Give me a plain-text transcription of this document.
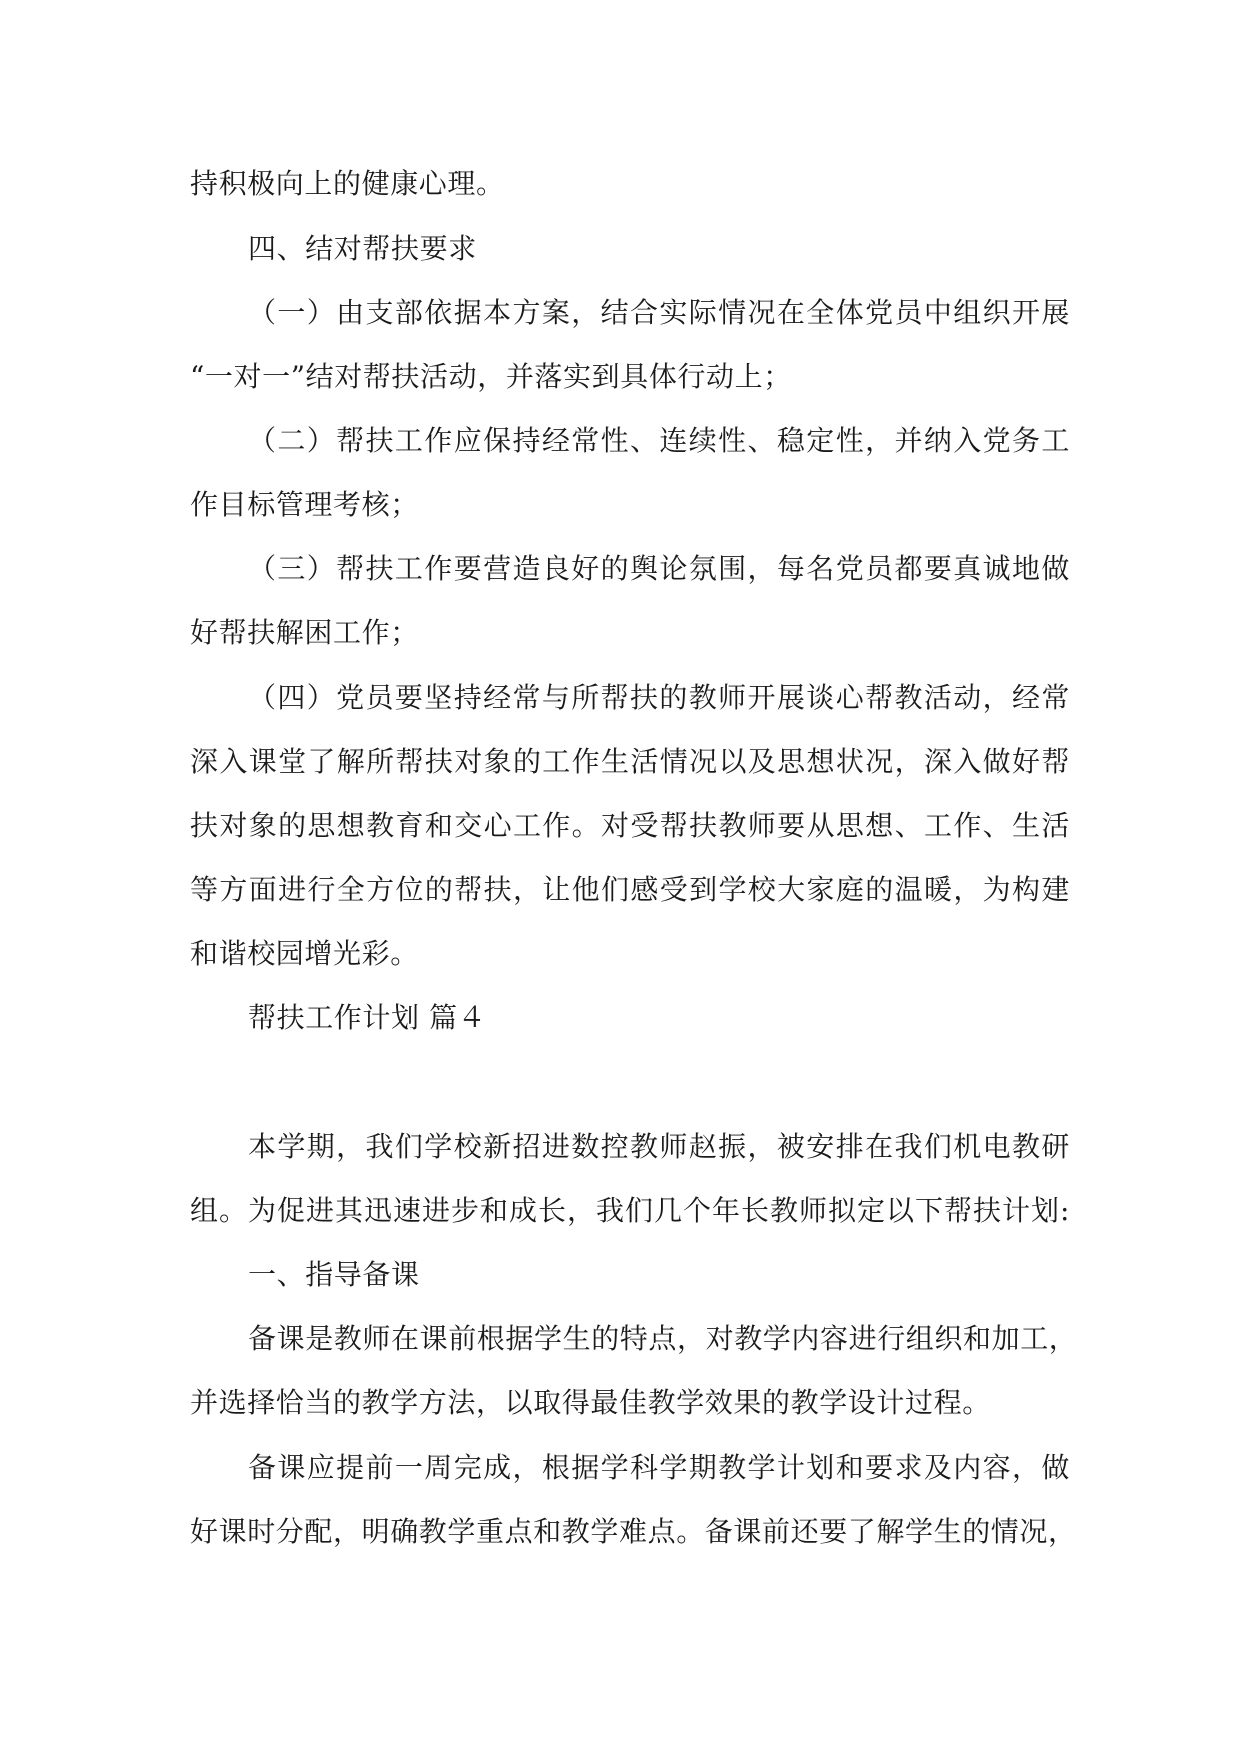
持积极向上的健康心理。
四、结对帮扶要求
（一）由支部依据本方案，结合实际情况在全体党员中组织开展
“一对一”结对帮扶活动，并落实到具体行动上；
（二）帮扶工作应保持经常性、连续性、稳定性，并纳入党务工
作目标管理考核；
（三）帮扶工作要营造良好的舆论氛围，每名党员都要真诚地做
好帮扶解困工作；
（四）党员要坚持经常与所帮扶的教师开展谈心帮教活动，经常
深入课堂了解所帮扶对象的工作生活情况以及思想状况，深入做好帮
扶对象的思想教育和交心工作。对受帮扶教师要从思想、工作、生活
等方面进行全方位的帮扶，让他们感受到学校大家庭的温暖，为构建
和谐校园增光彩。
帮扶工作计划 篇４
本学期，我们学校新招进数控教师赵振，被安排在我们机电教研
组。为促进其迅速进步和成长，我们几个年长教师拟定以下帮扶计划:
一、指导备课
备课是教师在课前根据学生的特点，对教学内容进行组织和加工，
并选择恰当的教学方法，以取得最佳教学效果的教学设计过程。
备课应提前一周完成，根据学科学期教学计划和要求及内容，做
好课时分配，明确教学重点和教学难点。备课前还要了解学生的情况，
